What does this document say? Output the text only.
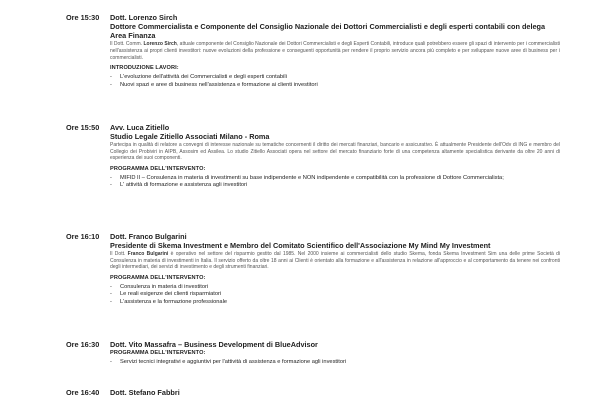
Ore 15:30 Dott. Lorenzo Sirch
Dottore Commercialista e Componente del Consiglio Nazionale dei Dottori Commercialisti e degli esperti contabili con delega Area Finanza
Il Dott. Comm. Lorenzo Sirch, attuale componente del Consiglio Nazionale dei Dottori Commercialisti e degli Esperti Contabili, introduce quali potrebbero essere gli spazi di intervento per i commercialisti nell'assistenza ai propri clienti investitori: nuove evoluzioni della professione e conseguenti opportunità per rendere il proprio servizio ancora più completo e per sviluppare nuove aree di business per i commercialisti.
INTRODUZIONE LAVORI:
- L'evoluzione dell'attività dei Commercialisti e degli esperti contabili
- Nuovi spazi e aree di business nell'assistenza e formazione ai clienti investitori
Ore 15:50 Avv. Luca Zitiello
Studio Legale Zitiello Associati Milano - Roma
Partecipa in qualità di relatore a convegni di interesse nazionale su tematiche concernenti il diritto dei mercati finanziari, bancario e assicurativo. È attualmente Presidente dell'Odv di ING e membro del Collegio dei Probiviri in AIPB, Assosim ed Assilea. Lo studio Zitiello Associati opera nel settore del mercato finanziario forte di una competenza altamente specialistica derivante da oltre 20 anni di esperienza dei suoi componenti.
PROGRAMMA DELL'INTERVENTO:
- MIFID II – Consulenza in materia di investimenti su base indipendente e NON indipendente e compatibilità con la professione di Dottore Commercialista;
- L' attività di formazione e assistenza agli investitori
Ore 16:10 Dott. Franco Bulgarini
Presidente di Skema Investment e Membro del Comitato Scientifico dell'Associazione My Mind My Investment
Il Dott. Franco Bulgarini è operativo nel settore del risparmio gestito dal 1985. Nel 2000 insieme ai commercialisti dello studio Skema, fonda Skema Investment Sim una delle prime Società di Consulenza in materia di investimenti in Italia. Il servizio offerto da oltre 18 anni ai Clienti è orientato alla formazione e all'assistenza in relazione all'approccio e al comportamento da tenere nei confronti degli intermediari, dei servizi di investimento e degli strumenti finanziari.
PROGRAMMA DELL'INTERVENTO:
- Consulenza in materia di investitori
- Le reali esigenze dei clienti risparmiatori
- L'assistenza e la formazione professionale
Ore 16:30 Dott. Vito Massafra – Business Development di BlueAdvisor
PROGRAMMA DELL'INTERVENTO:
- Servizi tecnici integrativi e aggiuntivi per l'attività di assistenza e formazione agli investitori
Ore 16:40 Dott. Stefano Fabbri
